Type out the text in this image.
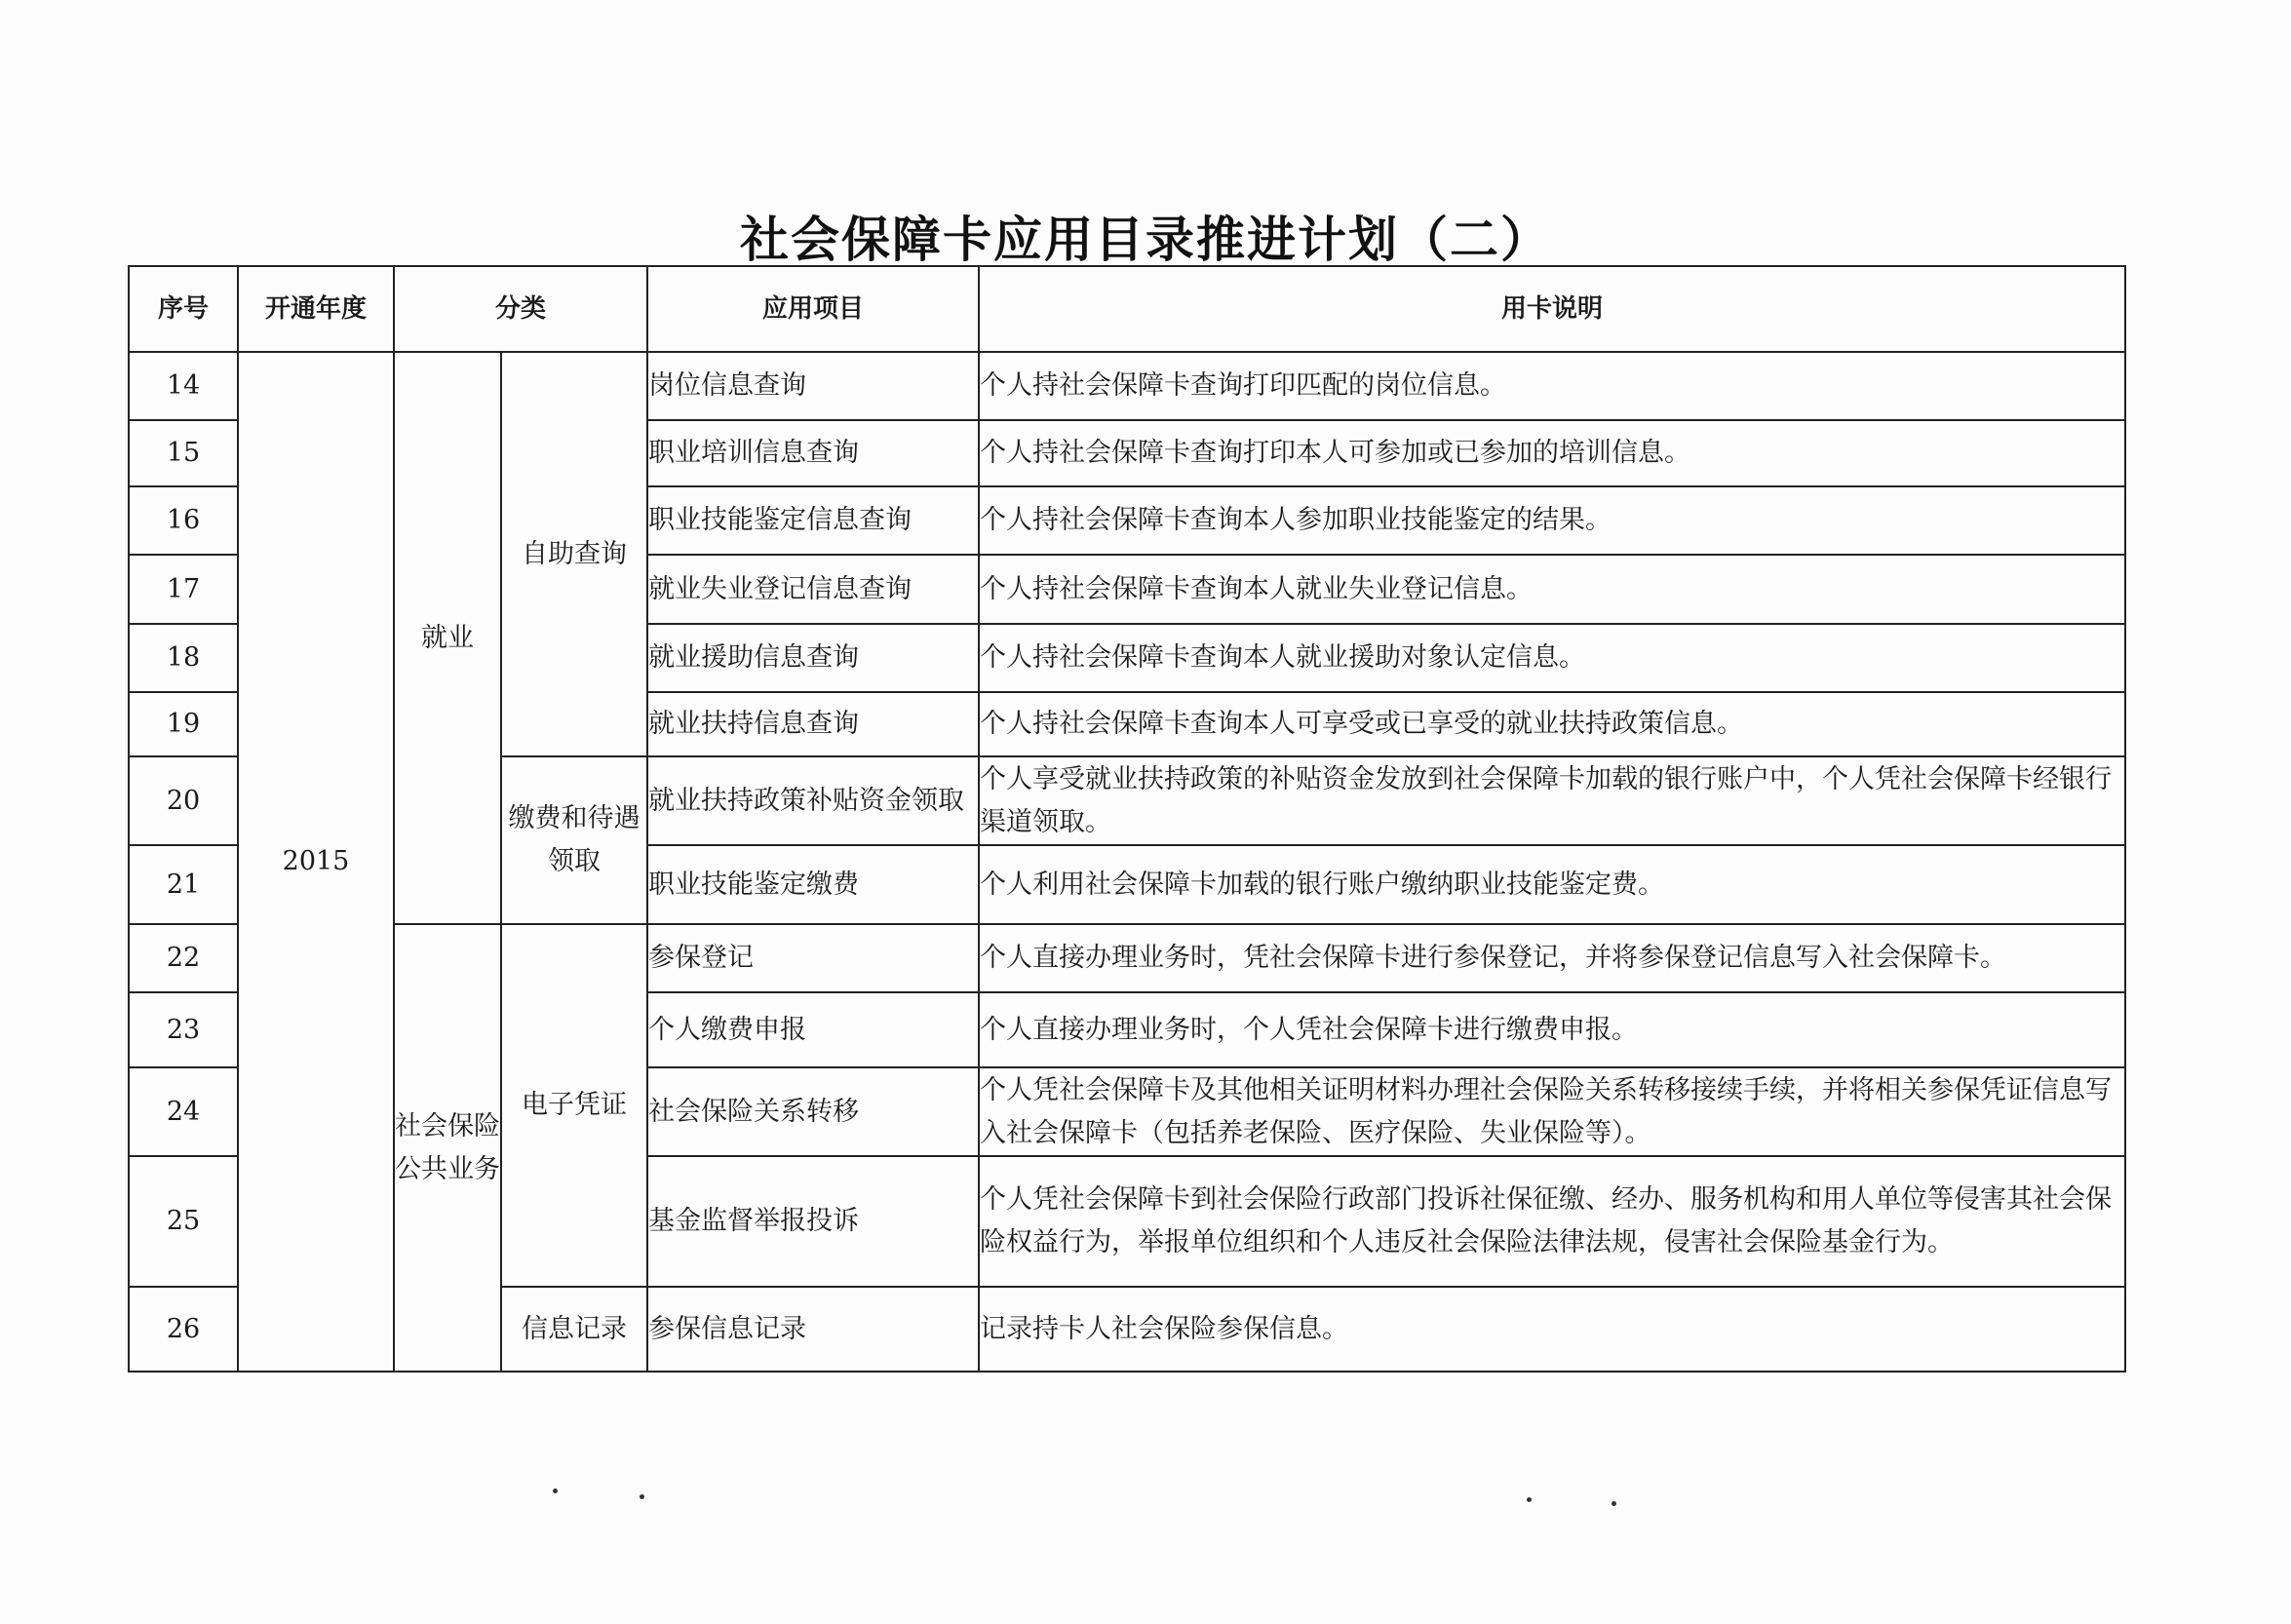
社会保障卡应用目录推进计划（二）
序号	开通年度	分类		应用项目	用卡说明
14	2015	就业	自助查询	岗位信息查询	个人持社会保障卡查询打印匹配的岗位信息。
15				职业培训信息查询	个人持社会保障卡查询打印本人可参加或已参加的培训信息。
16				职业技能鉴定信息查询	个人持社会保障卡查询本人参加职业技能鉴定的结果。
17				就业失业登记信息查询	个人持社会保障卡查询本人就业失业登记信息。
18				就业援助信息查询	个人持社会保障卡查询本人就业援助对象认定信息。
19				就业扶持信息查询	个人持社会保障卡查询本人可享受或已享受的就业扶持政策信息。
20			缴费和待遇领取	就业扶持政策补贴资金领取	个人享受就业扶持政策的补贴资金发放到社会保障卡加载的银行账户中，个人凭社会保障卡经银行渠道领取。
21				职业技能鉴定缴费	个人利用社会保障卡加载的银行账户缴纳职业技能鉴定费。
22		社会保险公共业务	电子凭证	参保登记	个人直接办理业务时，凭社会保障卡进行参保登记，并将参保登记信息写入社会保障卡。
23				个人缴费申报	个人直接办理业务时，个人凭社会保障卡进行缴费申报。
24				社会保险关系转移	个人凭社会保障卡及其他相关证明材料办理社会保险关系转移接续手续，并将相关参保凭证信息写入社会保障卡（包括养老保险、医疗保险、失业保险等）。
25				基金监督举报投诉	个人凭社会保障卡到社会保险行政部门投诉社保征缴、经办、服务机构和用人单位等侵害其社会保险权益行为，举报单位组织和个人违反社会保险法律法规，侵害社会保险基金行为。
26			信息记录	参保信息记录	记录持卡人社会保险参保信息。
